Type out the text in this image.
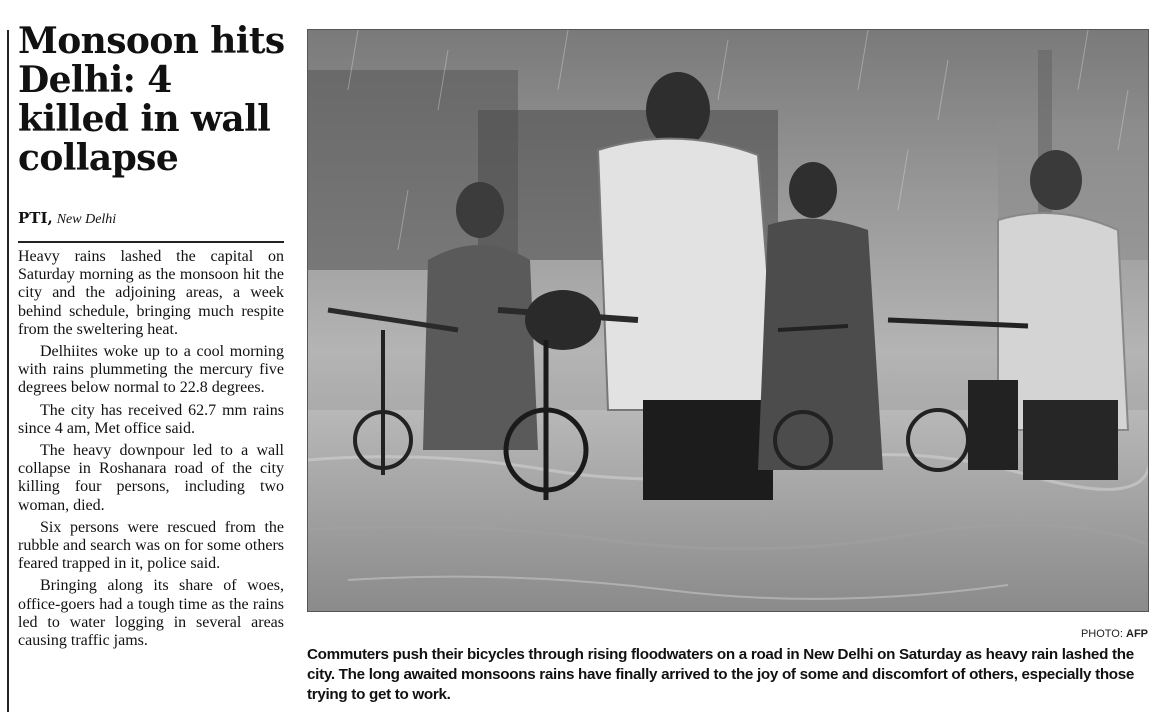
Monsoon hits Delhi: 4 killed in wall collapse
PTI, New Delhi

Heavy rains lashed the capital on Saturday morning as the monsoon hit the city and the adjoining areas, a week behind schedule, bringing much respite from the sweltering heat.

Delhiites woke up to a cool morning with rains plummeting the mercury five degrees below normal to 22.8 degrees.

The city has received 62.7 mm rains since 4 am, Met office said.

The heavy downpour led to a wall collapse in Roshanara road of the city killing four persons, including two woman, died.

Six persons were rescued from the rubble and search was on for some others feared trapped in it, police said.

Bringing along its share of woes, office-goers had a tough time as the rains led to water logging in several areas causing traffic jams.	PHOTO: AFP

Commuters push their bicycles through rising floodwaters on a road in New Delhi on Saturday as heavy rain lashed the city. The long awaited monsoons rains have finally arrived to the joy of some and discomfort of others, especially those trying to get to work.
